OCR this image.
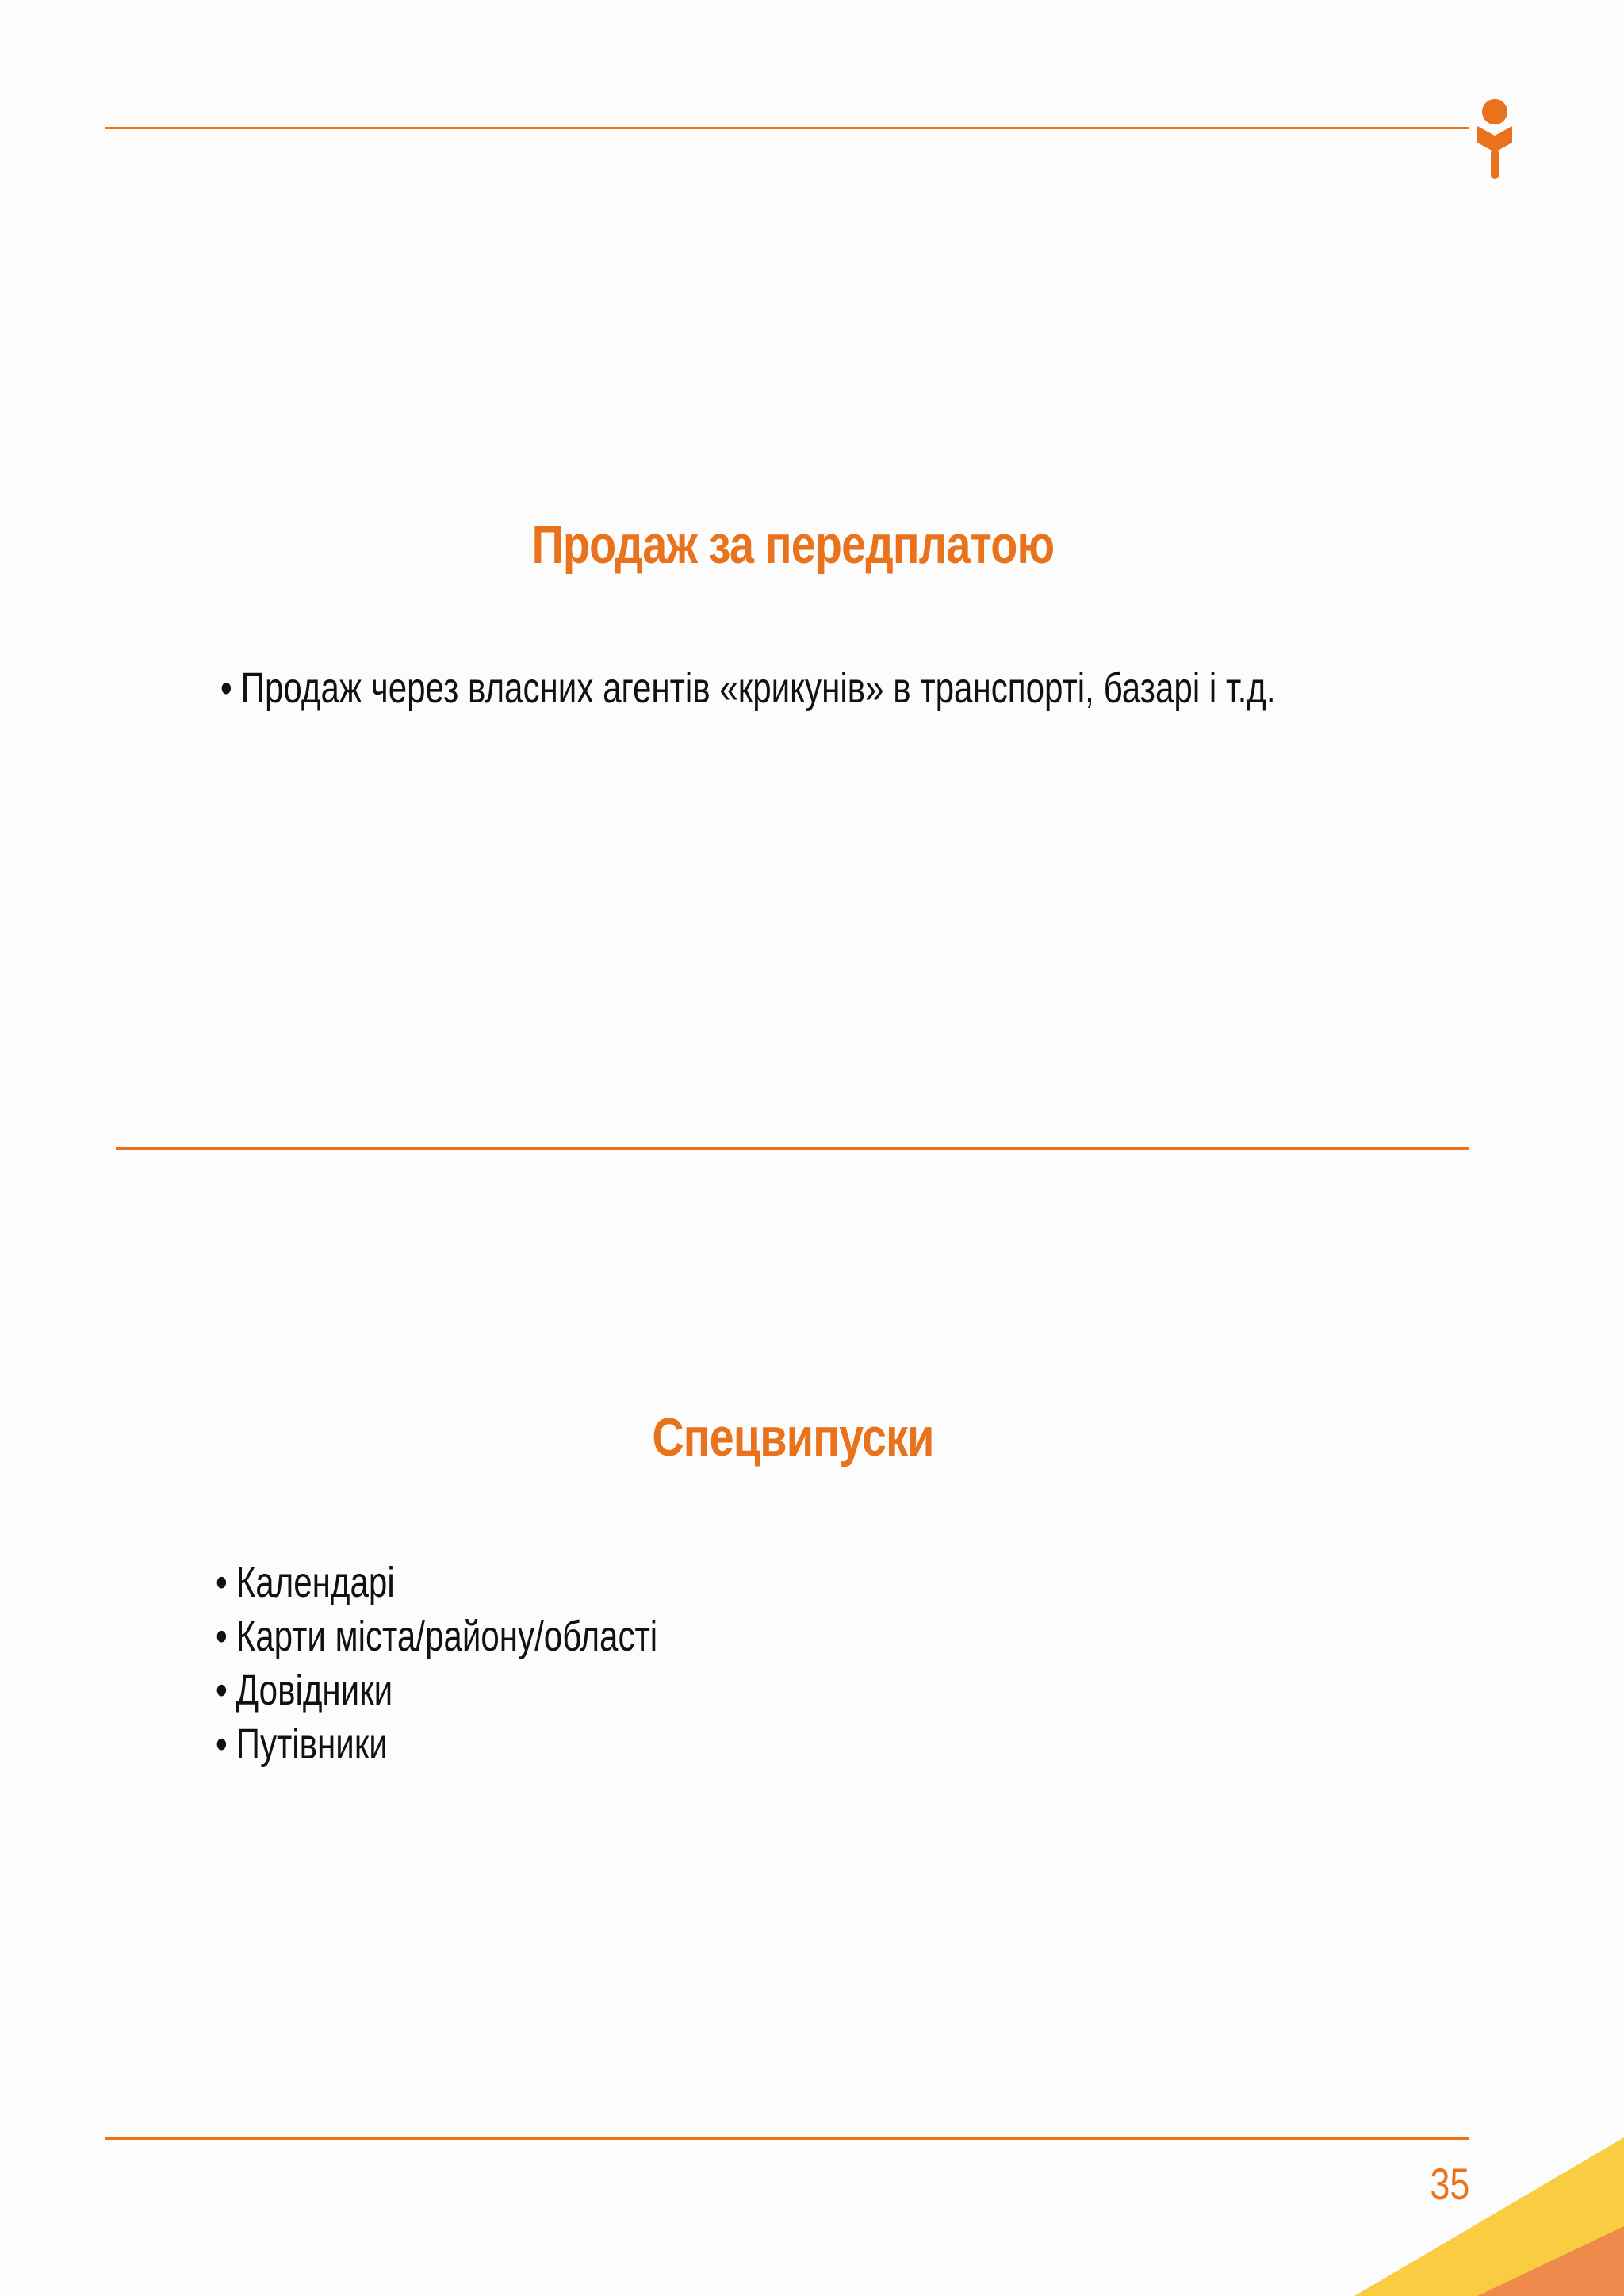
Продаж за передплатою
• Продаж через власних агентів «крикунів» в транспорті, базарі і т.д.
Спецвипуски
• Календарі
• Карти міста/району/області
• Довідники
• Путівники
35
